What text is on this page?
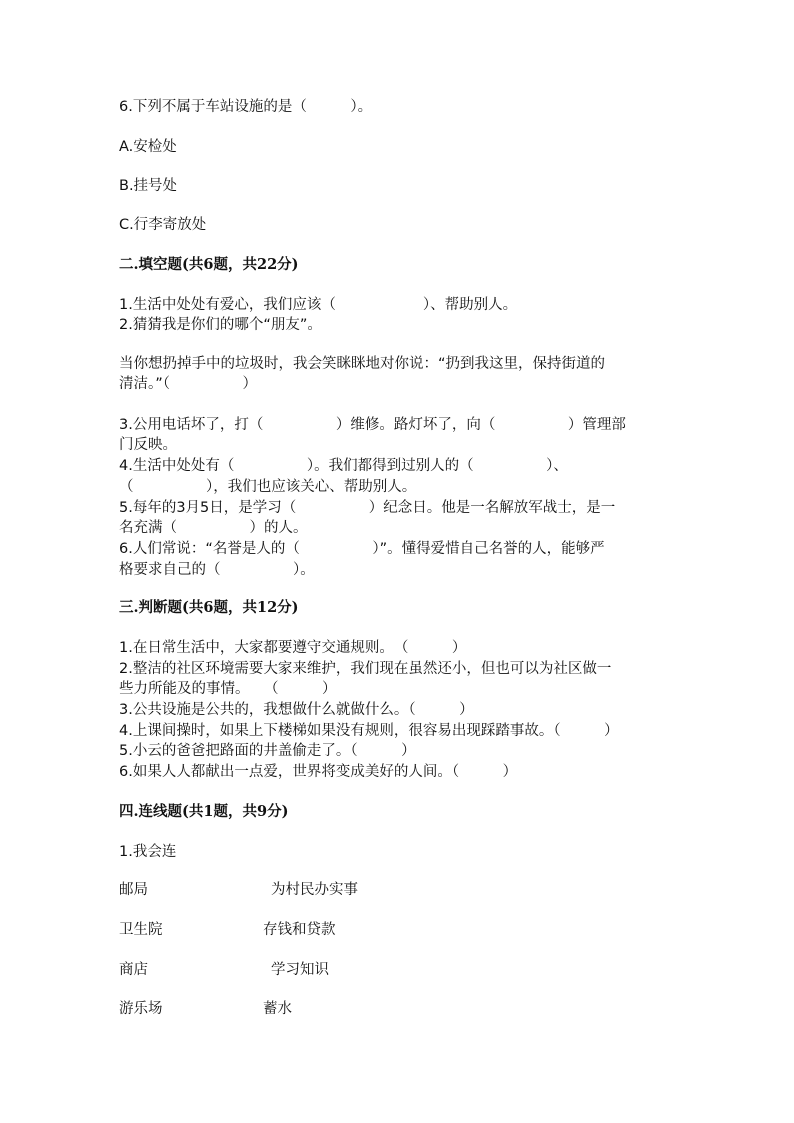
6.下列不属于车站设施的是（　　　）。
A.安检处
B.挂号处
C.行李寄放处
二.填空题(共6题，共22分)
1.生活中处处有爱心，我们应该（　　　　　　）、帮助别人。
2.猜猜我是你们的哪个“朋友”。
当你想扔掉手中的垃圾时，我会笑眯眯地对你说：“扔到我这里，保持街道的
清洁。”（　　　　　）
3.公用电话坏了，打（　　　　　）维修。路灯坏了，向（　　　　　）管理部
门反映。
4.生活中处处有（　　　　　）。我们都得到过别人的（　　　　　）、
（　　　　　），我们也应该关心、帮助别人。
5.每年的3月5日，是学习（　　　　　）纪念日。他是一名解放军战士，是一
名充满（　　　　　）的人。
6.人们常说：“名誉是人的（　　　　　）”。懂得爱惜自己名誉的人，能够严
格要求自己的（　　　　　）。
三.判断题(共6题，共12分)
1.在日常生活中，大家都要遵守交通规则。　（　　　）
2.整洁的社区环境需要大家来维护，我们现在虽然还小，但也可以为社区做一
些力所能及的事情。　　（　　　）
3.公共设施是公共的，我想做什么就做什么。（　　　）
4.上课间操时，如果上下楼梯如果没有规则，很容易出现踩踏事故。（　　　）
5.小云的爸爸把路面的井盖偷走了。（　　　）
6.如果人人都献出一点爱，世界将变成美好的人间。（　　　）
四.连线题(共1题，共9分)
1.我会连
邮局	为村民办实事
卫生院	存钱和贷款
商店	学习知识
游乐场	蓄水
